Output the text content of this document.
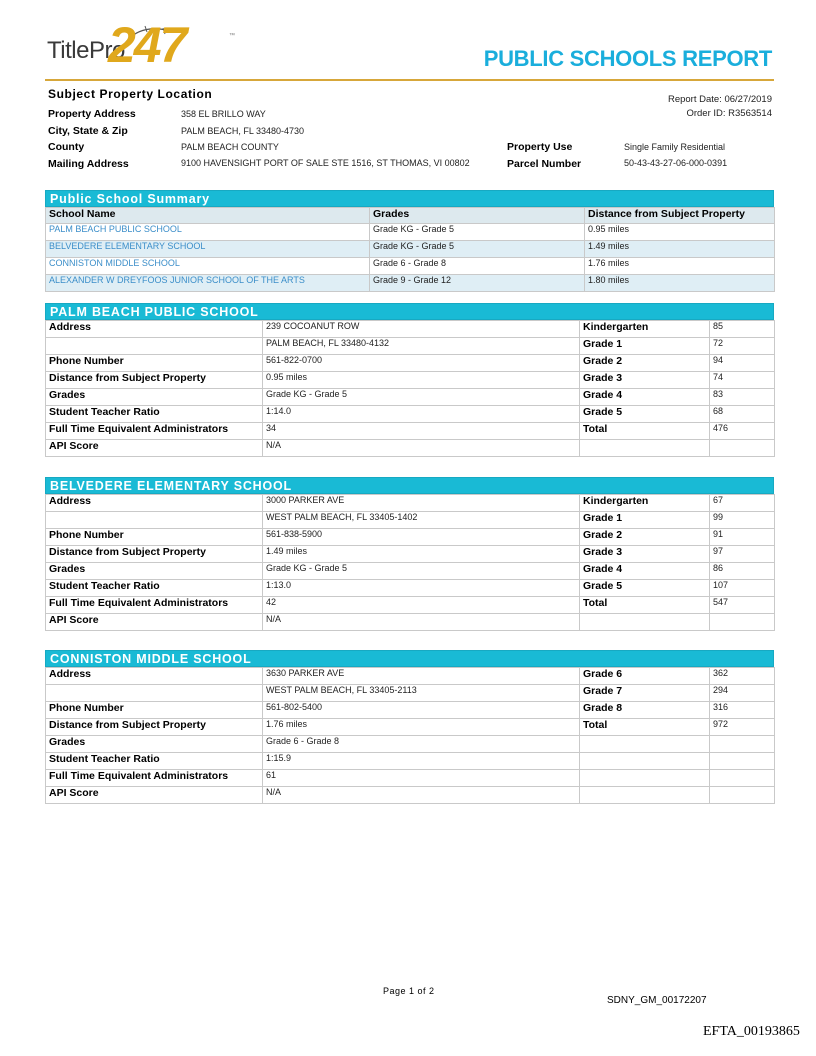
TitlePro
247	™
PUBLIC SCHOOLS REPORT
Subject Property Location	Report Date: 06/27/2019
Order ID: R3563514
Property Address	358 EL BRILLO WAY
City, State & Zip	PALM BEACH, FL 33480-4730
County	PALM BEACH COUNTY
Mailing Address	9100 HAVENSIGHT PORT OF SALE STE 1516, ST THOMAS, VI 00802
Property Use	Single Family Residential
Parcel Number	50-43-43-27-06-000-0391
Public School Summary
School Name	Grades	Distance from Subject Property
PALM BEACH PUBLIC SCHOOL	Grade KG - Grade 5	0.95 miles
BELVEDERE ELEMENTARY SCHOOL	Grade KG - Grade 5	1.49 miles
CONNISTON MIDDLE SCHOOL	Grade 6 - Grade 8	1.76 miles
ALEXANDER W DREYFOOS JUNIOR SCHOOL OF THE ARTS	Grade 9 - Grade 12	1.80 miles
PALM BEACH PUBLIC SCHOOL
Address	239 COCOANUT ROW	Kindergarten	85
	PALM BEACH, FL 33480-4132	Grade 1	72
Phone Number	561-822-0700	Grade 2	94
Distance from Subject Property	0.95 miles	Grade 3	74
Grades	Grade KG - Grade 5	Grade 4	83
Student Teacher Ratio	1:14.0	Grade 5	68
Full Time Equivalent Administrators	34	Total	476
API Score	N/A		
BELVEDERE ELEMENTARY SCHOOL
Address	3000 PARKER AVE	Kindergarten	67
	WEST PALM BEACH, FL 33405-1402	Grade 1	99
Phone Number	561-838-5900	Grade 2	91
Distance from Subject Property	1.49 miles	Grade 3	97
Grades	Grade KG - Grade 5	Grade 4	86
Student Teacher Ratio	1:13.0	Grade 5	107
Full Time Equivalent Administrators	42	Total	547
API Score	N/A		
CONNISTON MIDDLE SCHOOL
Address	3630 PARKER AVE	Grade 6	362
	WEST PALM BEACH, FL 33405-2113	Grade 7	294
Phone Number	561-802-5400	Grade 8	316
Distance from Subject Property	1.76 miles	Total	972
Grades	Grade 6 - Grade 8		
Student Teacher Ratio	1:15.9		
Full Time Equivalent Administrators	61		
API Score	N/A		
Page 1 of 2
SDNY_GM_00172207
EFTA_00193865
